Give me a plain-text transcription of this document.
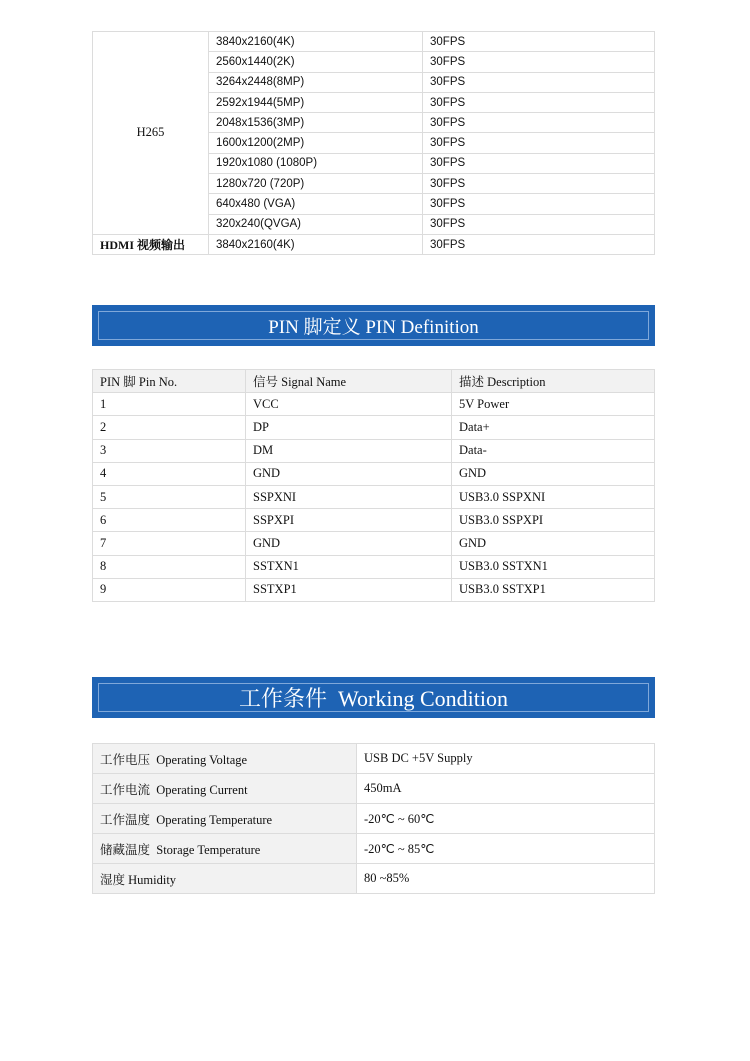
H265	3840x2160(4K)	30FPS
	2560x1440(2K)	30FPS
	3264x2448(8MP)	30FPS
	2592x1944(5MP)	30FPS
	2048x1536(3MP)	30FPS
	1600x1200(2MP)	30FPS
	1920x1080 (1080P)	30FPS
	1280x720 (720P)	30FPS
	640x480 (VGA)	30FPS
	320x240(QVGA)	30FPS
HDMI 视频输出	3840x2160(4K)	30FPS
PIN 脚定义 PIN Definition
PIN 脚 Pin No.	信号 Signal Name	描述 Description
1	VCC	5V Power
2	DP	Data+
3	DM	Data-
4	GND	GND
5	SSPXNI	USB3.0 SSPXNI
6	SSPXPI	USB3.0 SSPXPI
7	GND	GND
8	SSTXN1	USB3.0 SSTXN1
9	SSTXP1	USB3.0 SSTXP1
工作条件  Working Condition
工作电压  Operating Voltage	USB DC +5V Supply
工作电流  Operating Current	450mA
工作温度  Operating Temperature	-20℃ ~ 60℃
储藏温度  Storage Temperature	-20℃ ~ 85℃
湿度 Humidity	80 ~85%
